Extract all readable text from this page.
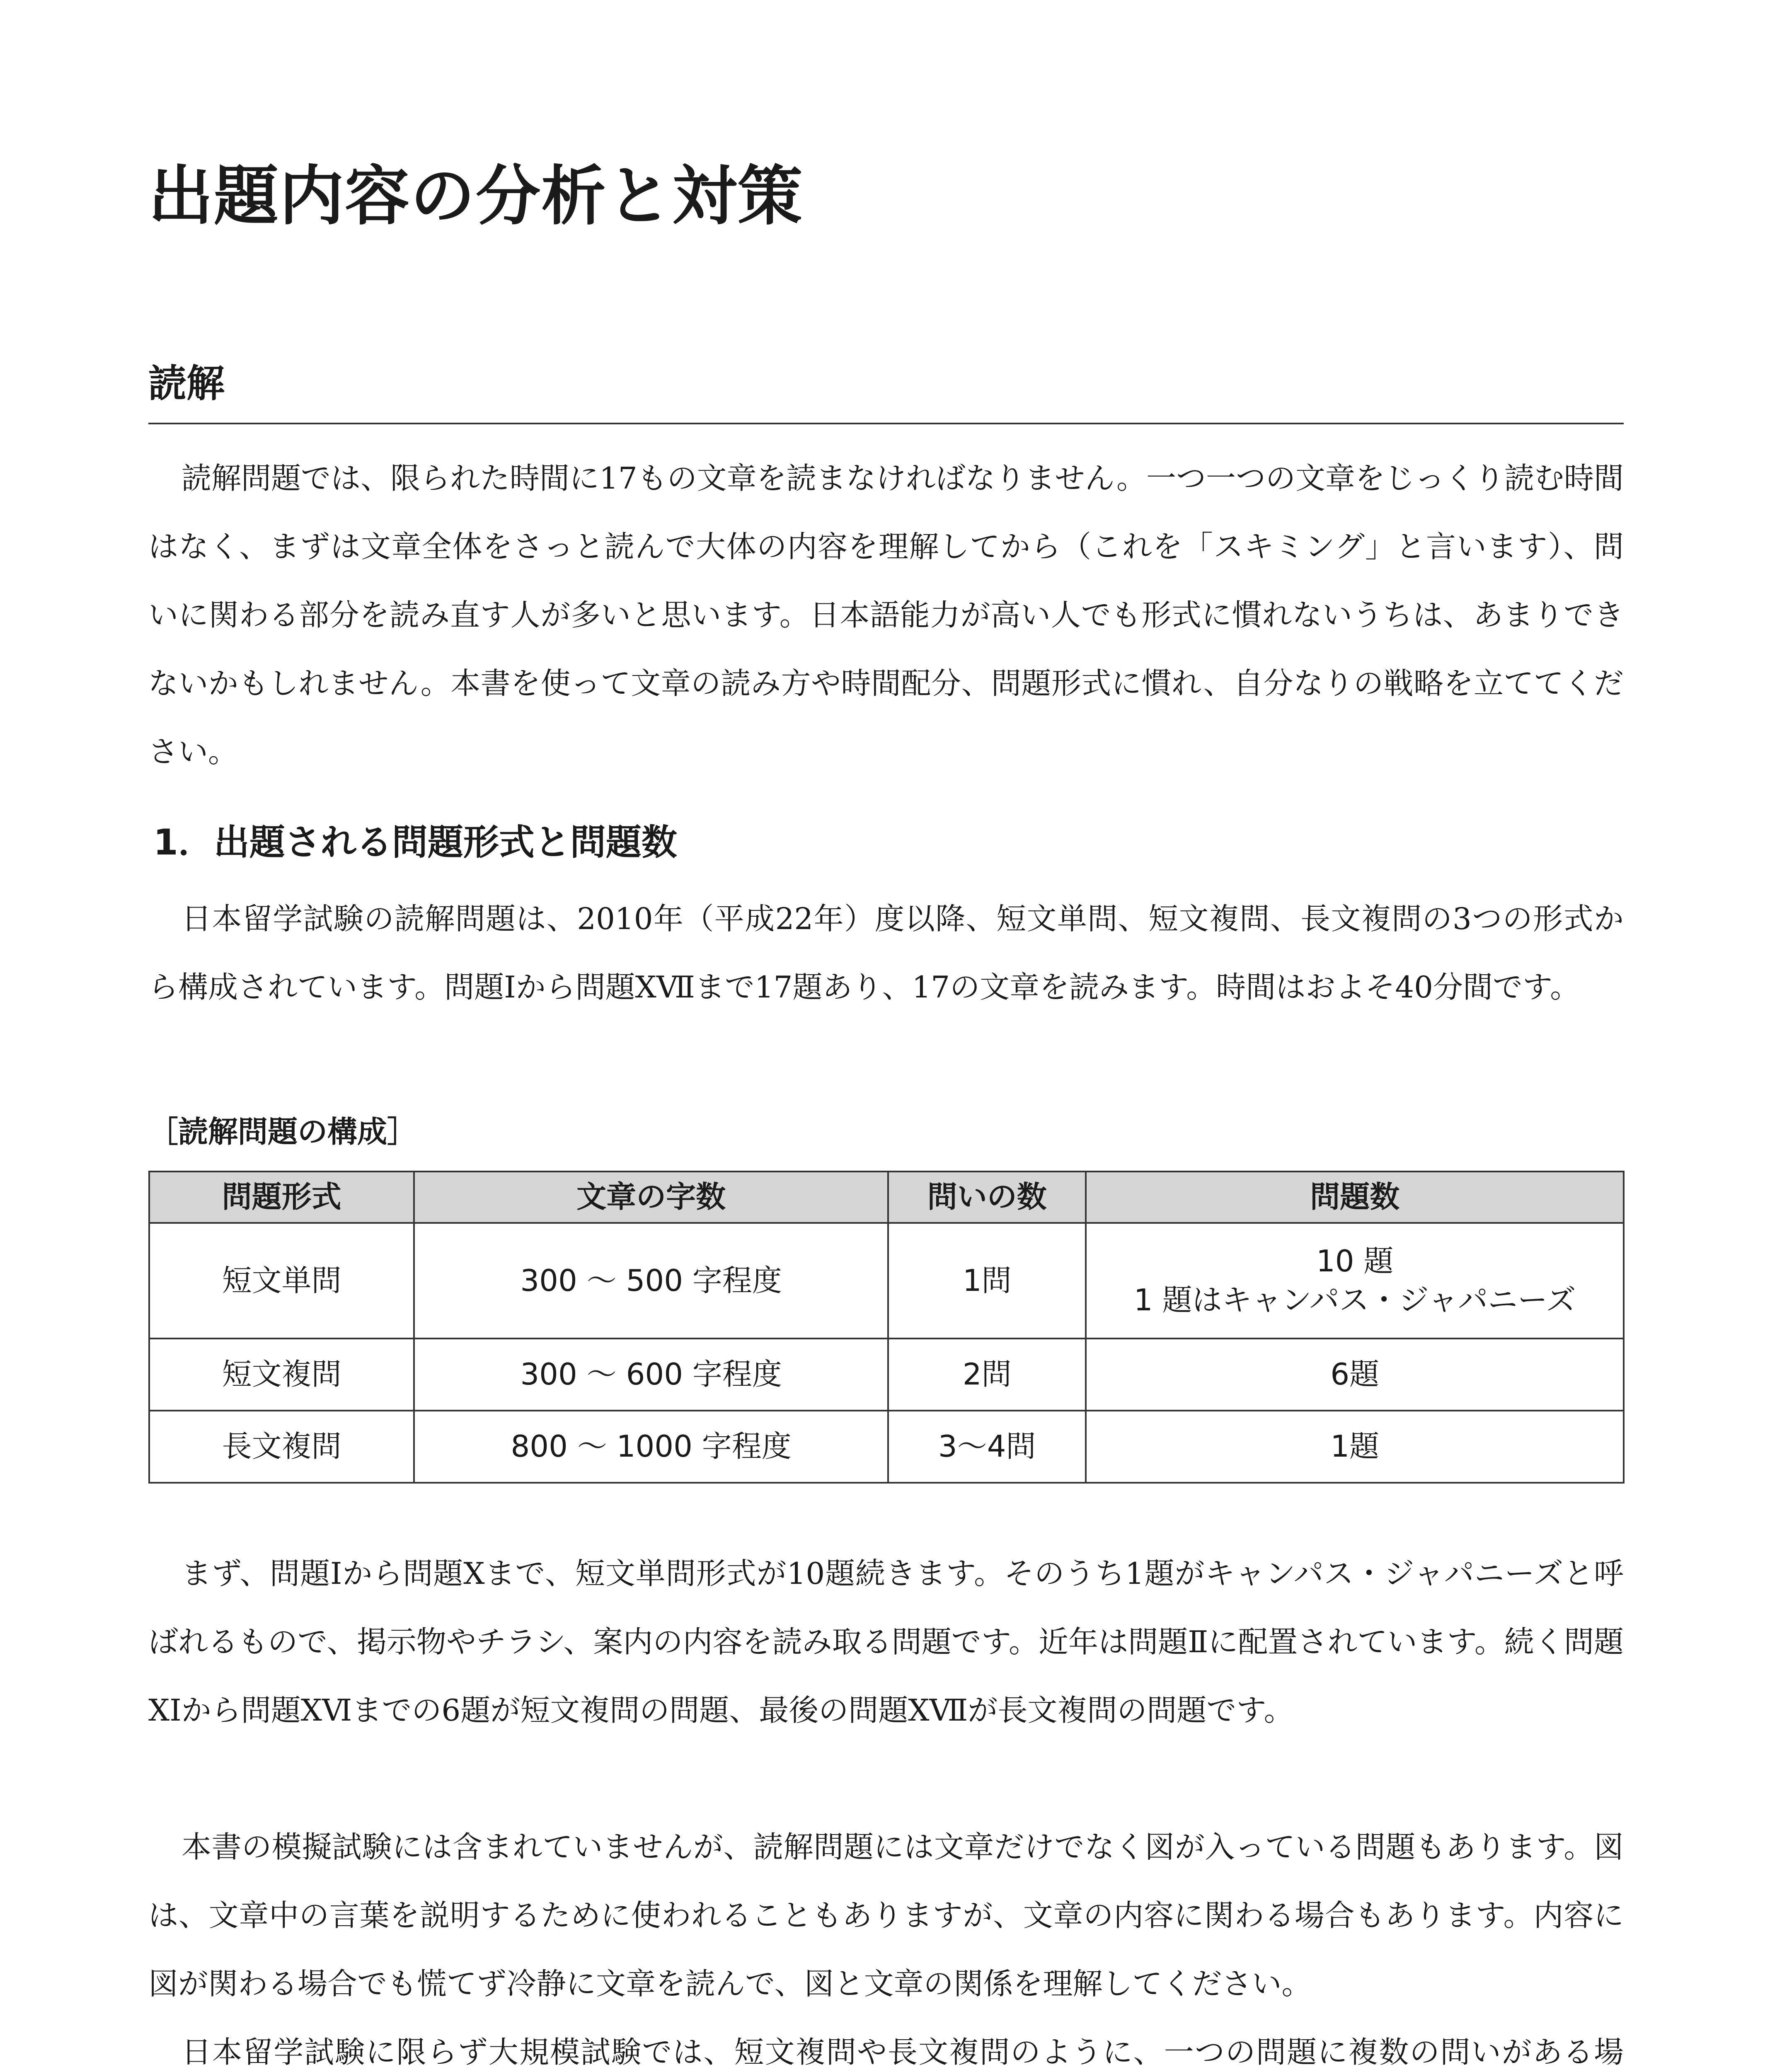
出題内容の分析と対策
読解

読解問題では、限られた時間に17もの文章を読まなければなりません。一つ一つの文章をじっくり読む時間はなく、まずは文章全体をさっと読んで大体の内容を理解してから（これを「スキミング」と言います）、問いに関わる部分を読み直す人が多いと思います。日本語能力が高い人でも形式に慣れないうちは、あまりできないかもしれません。本書を使って文章の読み方や時間配分、問題形式に慣れ、自分なりの戦略を立ててください。

1．出題される問題形式と問題数

日本留学試験の読解問題は、2010年（平成22年）度以降、短文単問、短文複問、長文複問の3つの形式から構成されています。問題Ⅰから問題ⅩⅦまで17題あり、17の文章を読みます。時間はおよそ40分間です。

［読解問題の構成］

問題形式	文章の字数	問いの数	問題数
短文単問	300 ～ 500 字程度	1問	10 題
1 題はキャンパス・ジャパニーズ

短文複問	300 ～ 600 字程度	2問	6題
長文複問	800 ～ 1000 字程度	3～4問	1題

まず、問題Ⅰから問題Ⅹまで、短文単問形式が10題続きます。そのうち1題がキャンパス・ジャパニーズと呼ばれるもので、掲示物やチラシ、案内の内容を読み取る問題です。近年は問題Ⅱに配置されています。続く問題ⅩⅠから問題ⅩⅥまでの6題が短文複問の問題、最後の問題ⅩⅦが長文複問の問題です。

本書の模擬試験には含まれていませんが、読解問題には文章だけでなく図が入っている問題もあります。図は、文章中の言葉を説明するために使われることもありますが、文章の内容に関わる場合もあります。内容に図が関わる場合でも慌てず冷静に文章を読んで、図と文章の関係を理解してください。

日本留学試験に限らず大規模試験では、短文複問や長文複問のように、一つの問題に複数の問いがある場
